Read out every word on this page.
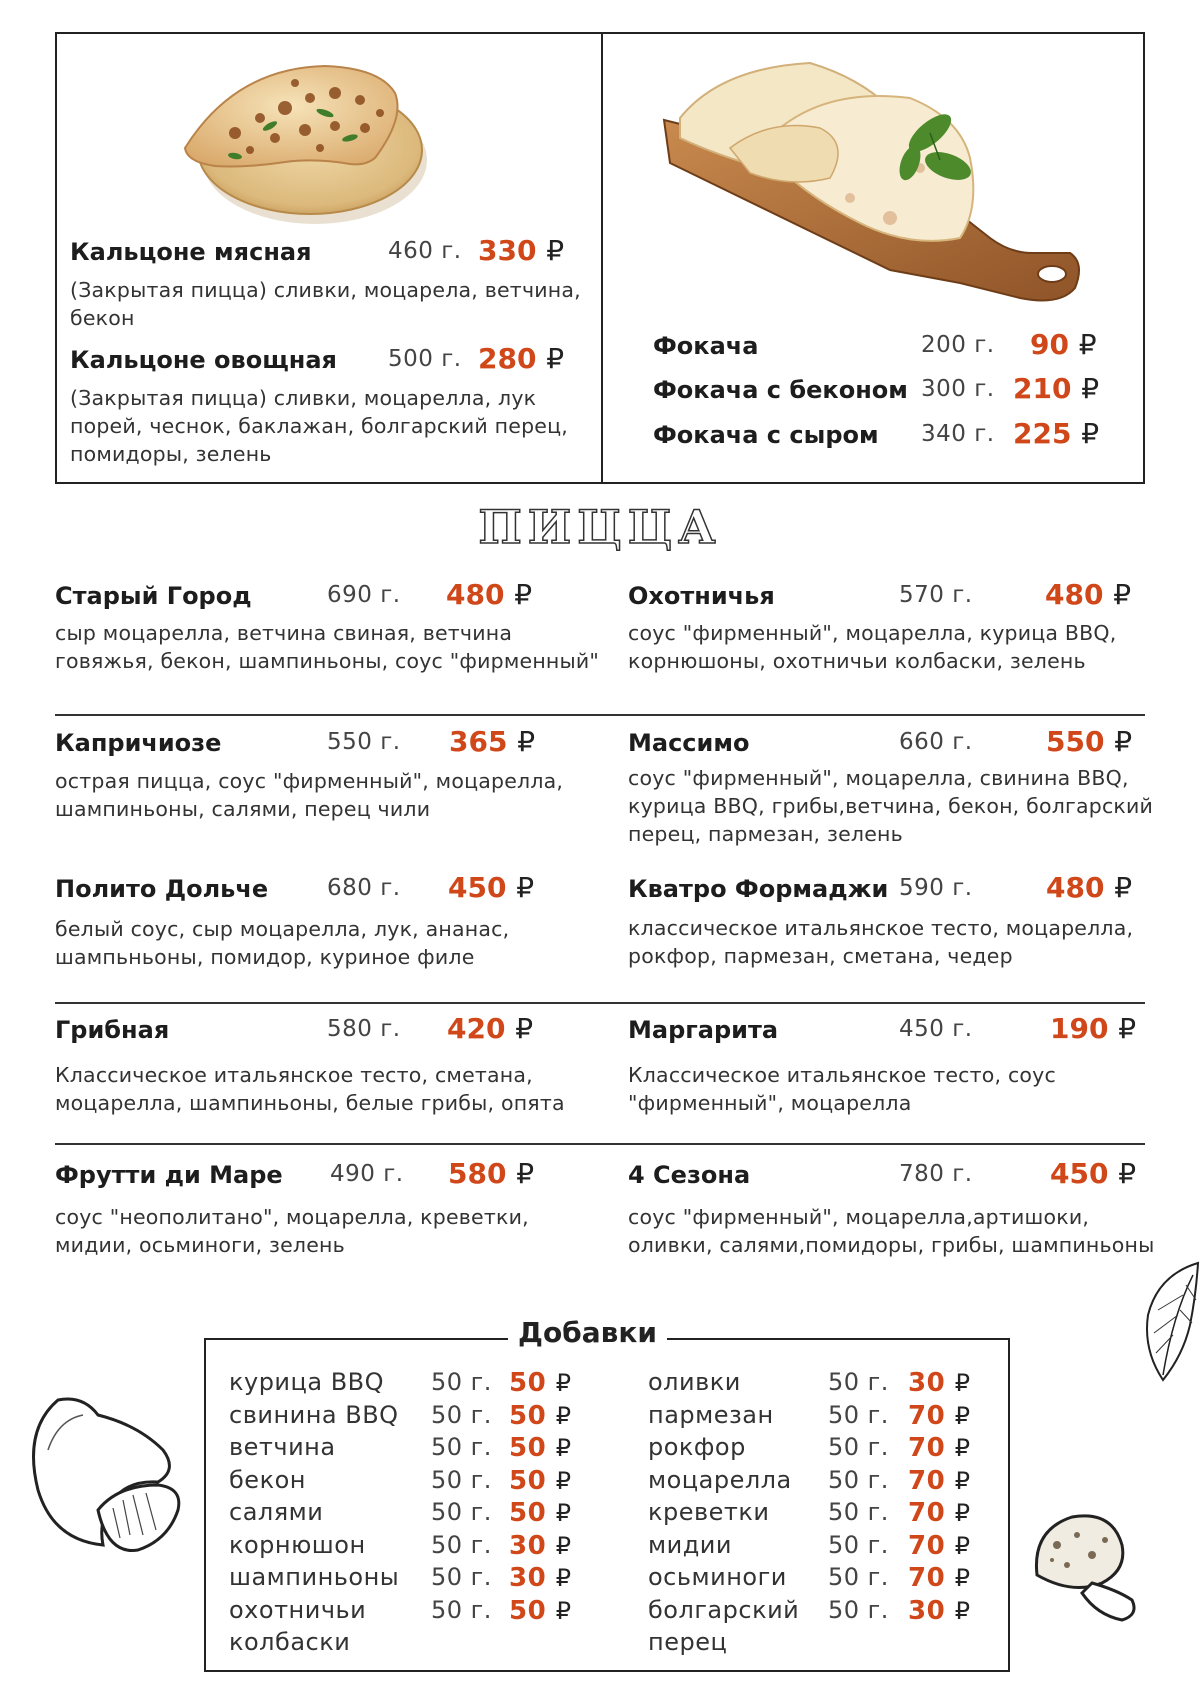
Кальцоне мясная	460 г. 330 ₽
(Закрытая пицца) сливки, моцарела, ветчина,
бекон
Кальцоне овощная 500 г. 280 ₽
(Закрытая пицца) сливки, моцарелла, лук
порей, чеснок, баклажан, болгарский перец,
помидоры, зелень
Фокача	200 г. 90 ₽
Фокача с беконом 300 г. 210 ₽
Фокача с сыром 340 г. 225 ₽
ПИЦЦА
Старый Город	690 г. 480 ₽
сыр моцарелла, ветчина свиная, ветчина
говяжья, бекон, шампиньоны, соус "фирменный"
Капричиозе	550 г. 365 ₽
острая пицца, соус "фирменный", моцарелла,
шампиньоны, салями, перец чили
Полито Дольче	680 г. 450 ₽
белый соус, сыр моцарелла, лук, ананас,
шампьньоны, помидор, куриное филе
Грибная	580 г. 420 ₽
Классическое итальянское тесто, сметана,
моцарелла, шампиньоны, белые грибы, опята
Фрутти ди Маре 490 г. 580 ₽
соус "неополитано", моцарелла, креветки,
мидии, осьминоги, зелень
Охотничья	570 г.	480 ₽
соус "фирменный", моцарелла, курица BBQ,
корнюшоны, охотничьи колбаски, зелень
Массимо	660 г.	550 ₽
соус "фирменный", моцарелла, свинина BBQ,
курица BBQ, грибы,ветчина, бекон, болгарский
перец, пармезан, зелень
Кватро Формаджи 590 г.	480 ₽
классическое итальянское тесто, моцарелла,
рокфор, пармезан, сметана, чедер
Маргарита	450 г.	190 ₽
Классическое итальянское тесто, соус
"фирменный", моцарелла
4 Сезона	780 г.	450 ₽
соус "фирменный", моцарелла,артишоки,
оливки, салями,помидоры, грибы, шампиньоны
Добавки
курица BBQ 50 г. 50 ₽
свинина BBQ 50 г. 50 ₽
ветчина	50 г. 50 ₽
бекон	50 г. 50 ₽
салями	50 г. 50 ₽
корнюшон	50 г. 30 ₽
шампиньоны 50 г. 30 ₽
охотничьи	50 г. 50 ₽
колбаски
оливки	50 г. 30 ₽
пармезан 50 г. 70 ₽
рокфор	50 г. 70 ₽
моцарелла 50 г. 70 ₽
креветки 50 г. 70 ₽
мидии	50 г. 70 ₽
осьминоги 50 г. 70 ₽
болгарский 50 г. 30 ₽
перец
